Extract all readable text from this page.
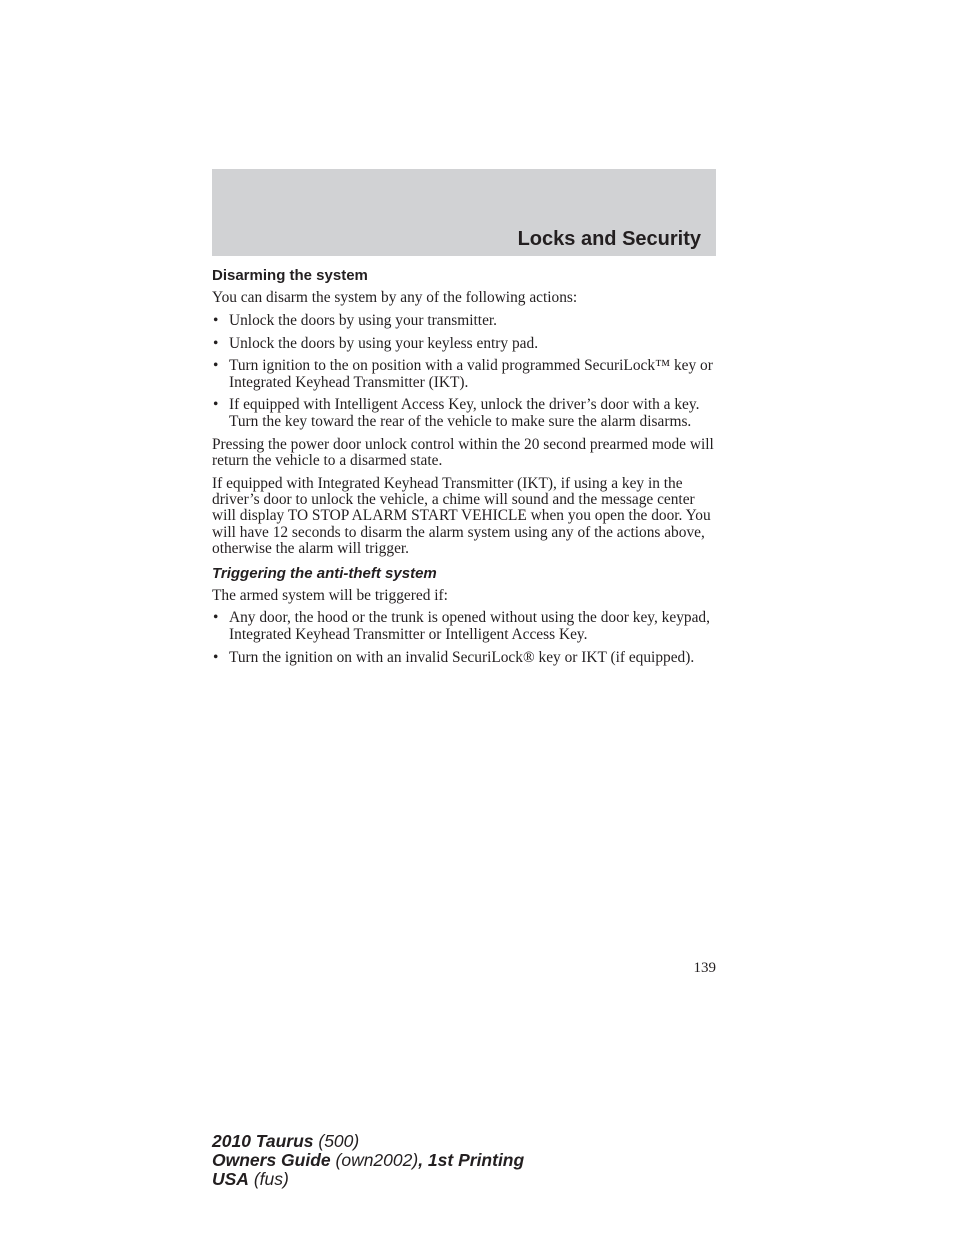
Locks and Security
Disarming the system

You can disarm the system by any of the following actions:

• Unlock the doors by using your transmitter.
• Unlock the doors by using your keyless entry pad.
• Turn ignition to the on position with a valid programmed SecuriLock™ key or Integrated Keyhead Transmitter (IKT).
• If equipped with Intelligent Access Key, unlock the driver’s door with a key. Turn the key toward the rear of the vehicle to make sure the alarm disarms.

Pressing the power door unlock control within the 20 second prearmed mode will return the vehicle to a disarmed state.

If equipped with Integrated Keyhead Transmitter (IKT), if using a key in the driver’s door to unlock the vehicle, a chime will sound and the message center will display TO STOP ALARM START VEHICLE when you open the door. You will have 12 seconds to disarm the alarm system using any of the actions above, otherwise the alarm will trigger.

Triggering the anti-theft system

The armed system will be triggered if:

• Any door, the hood or the trunk is opened without using the door key, keypad, Integrated Keyhead Transmitter or Intelligent Access Key.
• Turn the ignition on with an invalid SecuriLock® key or IKT (if equipped).
139
2010 Taurus (500)
Owners Guide (own2002), 1st Printing
USA (fus)
